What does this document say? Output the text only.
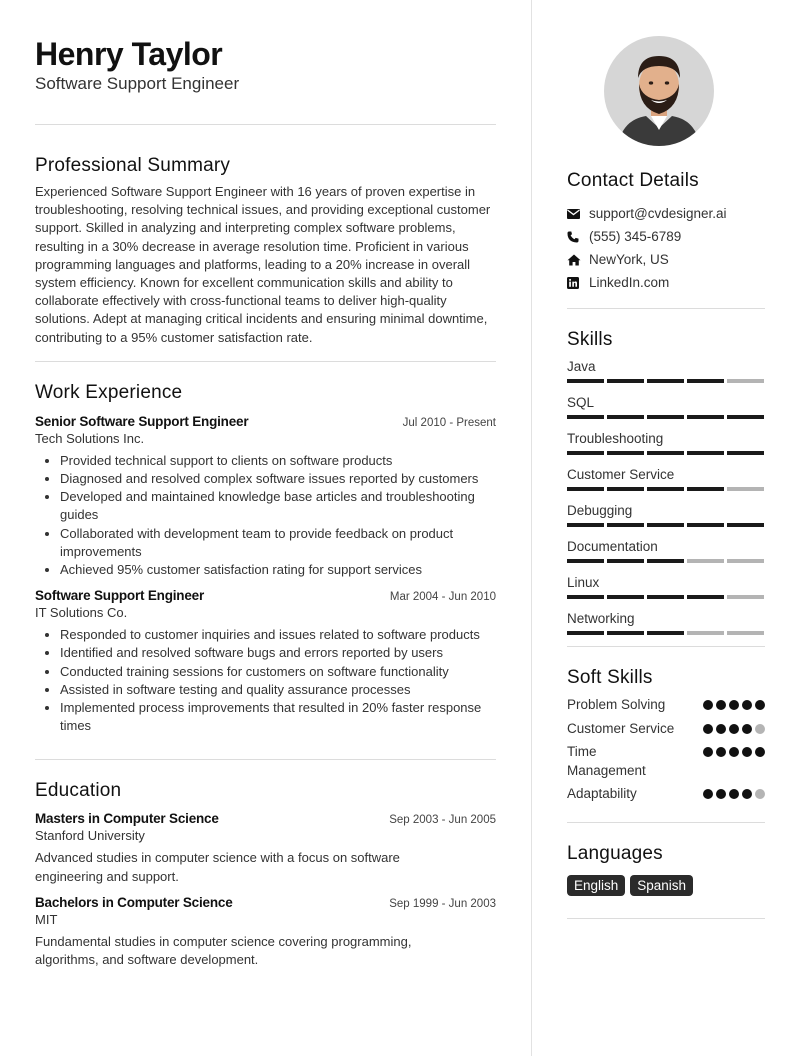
Henry Taylor
Software Support Engineer
Professional Summary

Experienced Software Support Engineer with 16 years of proven expertise in troubleshooting, resolving technical issues, and providing exceptional customer support. Skilled in analyzing and interpreting complex software problems, resulting in a 30% decrease in average resolution time. Proficient in various programming languages and platforms, leading to a 20% increase in overall system efficiency. Known for excellent communication skills and ability to collaborate effectively with cross-functional teams to deliver high-quality solutions. Adept at managing critical incidents and ensuring minimal downtime, contributing to a 95% customer satisfaction rate.

Work Experience
Senior Software Support Engineer	Jul 2010 - Present
Tech Solutions Inc.
• Provided technical support to clients on software products
• Diagnosed and resolved complex software issues reported by customers
• Developed and maintained knowledge base articles and troubleshooting guides
• Collaborated with development team to provide feedback on product improvements
• Achieved 95% customer satisfaction rating for support services
Software Support Engineer	Mar 2004 - Jun 2010
IT Solutions Co.
• Responded to customer inquiries and issues related to software products
• Identified and resolved software bugs and errors reported by users
• Conducted training sessions for customers on software functionality
• Assisted in software testing and quality assurance processes
• Implemented process improvements that resulted in 20% faster response times
Education
Masters in Computer Science	Sep 2003 - Jun 2005
Stanford University

Advanced studies in computer science with a focus on software engineering and support.

Bachelors in Computer Science	Sep 1999 - Jun 2003
MIT

Fundamental studies in computer science covering programming, algorithms, and software development.

Contact Details
support@cvdesigner.ai
(555) 345-6789
NewYork, US
LinkedIn.com
Skills
Java
SQL
Troubleshooting
Customer Service
Debugging
Documentation
Linux
Networking
Soft Skills
Problem Solving
Customer Service
Time Management
Adaptability
Languages
English	Spanish
